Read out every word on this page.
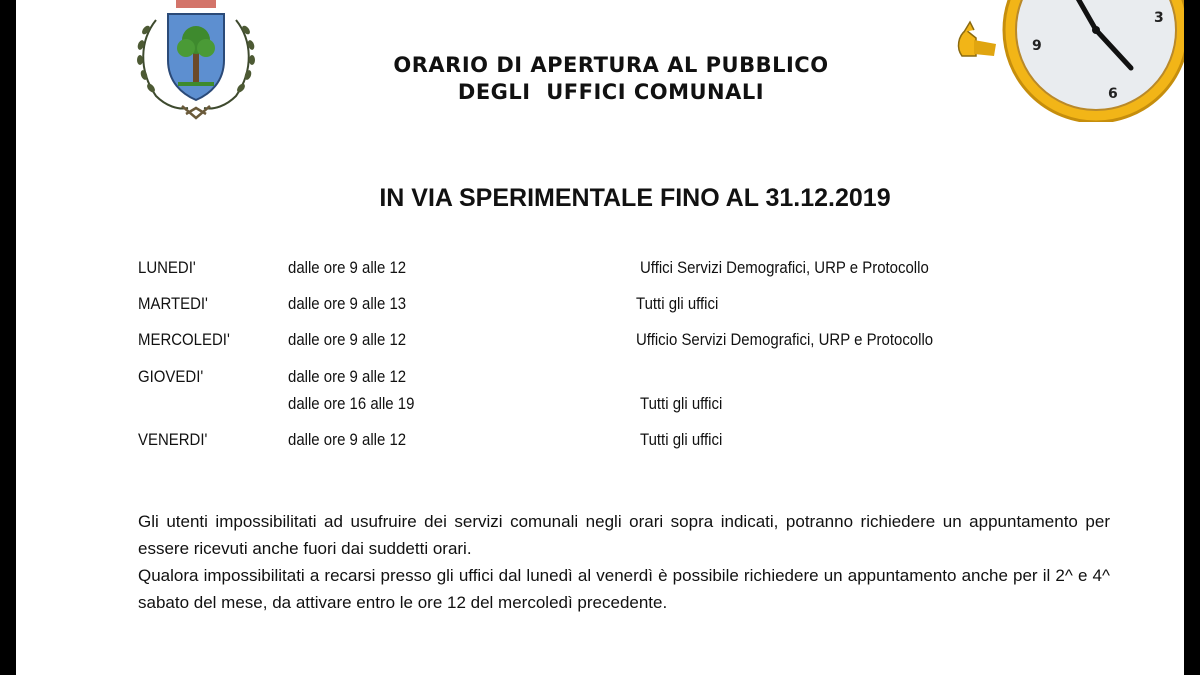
9
3
6
ORARIO DI APERTURA AL PUBBLICO
DEGLI  UFFICI COMUNALI
IN VIA SPERIMENTALE FINO AL 31.12.2019
LUNEDI'	dalle ore 9 alle 12	Uffici Servizi Demografici, URP e Protocollo
MARTEDI'	dalle ore 9 alle 13	Tutti gli uffici
MERCOLEDI'	dalle ore 9 alle 12	Ufficio Servizi Demografici, URP e Protocollo
GIOVEDI'	dalle ore 9 alle 12
dalle ore 16 alle 19	Tutti gli uffici
VENERDI'	dalle ore 9 alle 12	Tutti gli uffici

Gli utenti impossibilitati ad usufruire dei servizi comunali negli orari sopra indicati, potranno richiedere un appuntamento per essere ricevuti anche fuori dai suddetti orari.

Qualora impossibilitati a recarsi presso gli uffici dal lunedì al venerdì è possibile richiedere un appuntamento anche per il 2^ e 4^ sabato del mese, da attivare entro le ore 12 del mercoledì precedente.
